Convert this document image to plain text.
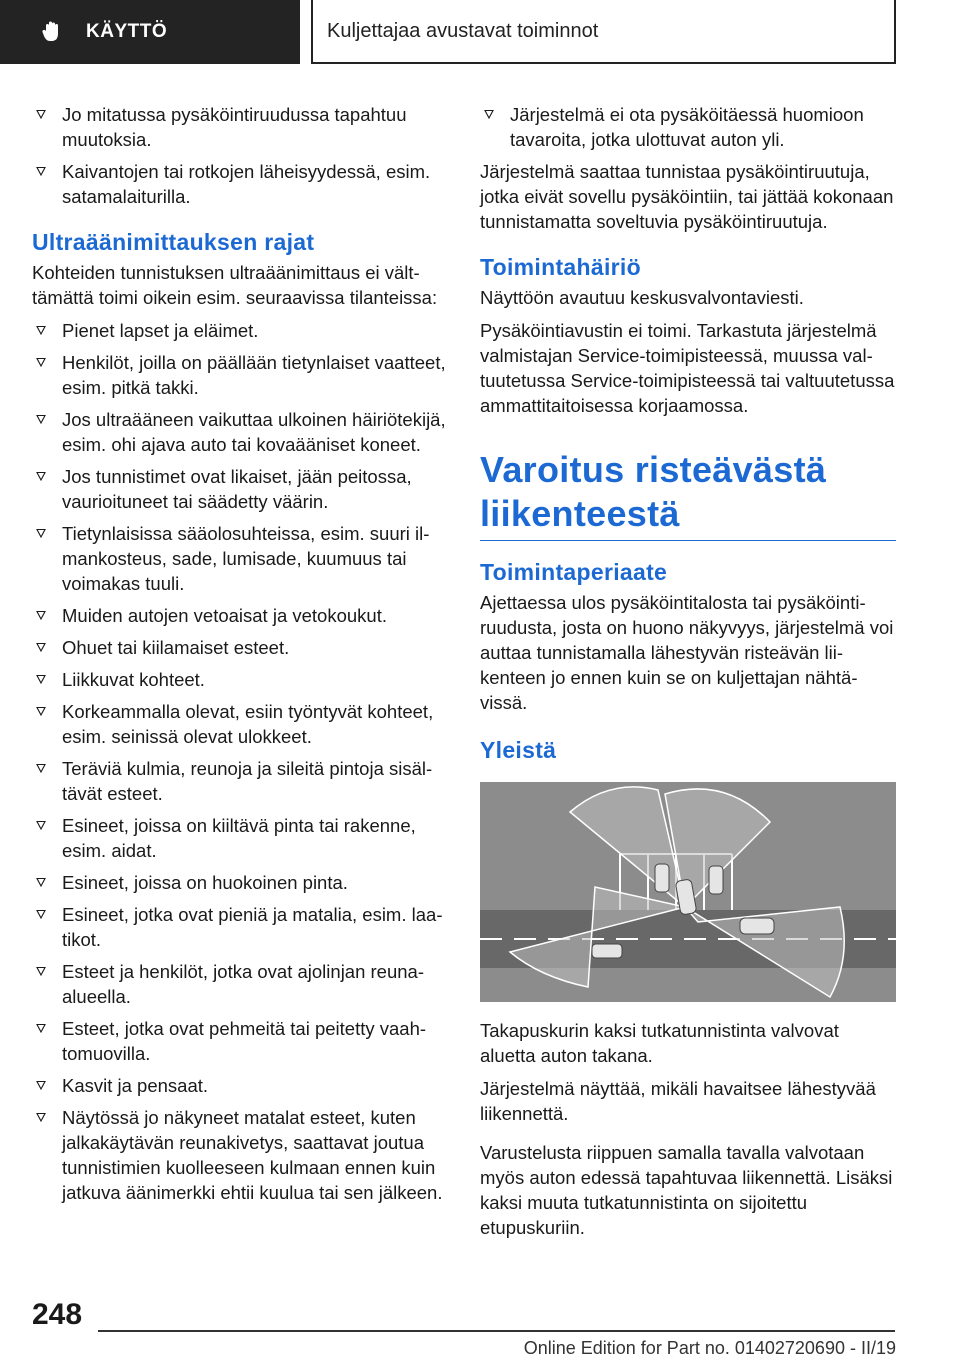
KÄYTTÖ	Kuljettajaa avustavat toiminnot
Jo mitatussa pysäköintiruudussa tapahtuu muutoksia.
Kaivantojen tai rotkojen läheisyydessä, esim. satamalaiturilla.
Ultraäänimittauksen rajat
Kohteiden tunnistuksen ultraäänimittaus ei välttämättä toimi oikein esim. seuraavissa tilanteissa:
Pienet lapset ja eläimet.
Henkilöt, joilla on päällään tietynlaiset vaatteet, esim. pitkä takki.
Jos ultraääneen vaikuttaa ulkoinen häiriötekijä, esim. ohi ajava auto tai kovaääniset koneet.
Jos tunnistimet ovat likaiset, jään peitossa, vaurioituneet tai säädetty väärin.
Tietynlaisissa sääolosuhteissa, esim. suuri ilmankosteus, sade, lumisade, kuumuus tai voimakas tuuli.
Muiden autojen vetoaisat ja vetokoukut.
Ohuet tai kiilamaiset esteet.
Liikkuvat kohteet.
Korkeammalla olevat, esiin työntyvät kohteet, esim. seinissä olevat ulokkeet.
Teräviä kulmia, reunoja ja sileitä pintoja sisältävät esteet.
Esineet, joissa on kiiltävä pinta tai rakenne, esim. aidat.
Esineet, joissa on huokoinen pinta.
Esineet, jotka ovat pieniä ja matalia, esim. laatikot.
Esteet ja henkilöt, jotka ovat ajolinjan reunaalueella.
Esteet, jotka ovat pehmeitä tai peitetty vaahtomuovilla.
Kasvit ja pensaat.
Näytössä jo näkyneet matalat esteet, kuten jalkakäytävän reunakivetys, saattavat joutua tunnistimien kuolleeseen kulmaan ennen kuin jatkuva äänimerkki ehtii kuulua tai sen jälkeen.
Järjestelmä ei ota pysäköitäessä huomioon tavaroita, jotka ulottuvat auton yli.
Järjestelmä saattaa tunnistaa pysäköintiruutuja, jotka eivät sovellu pysäköintiin, tai jättää kokonaan tunnistamatta soveltuvia pysäköintiruutuja.
Toimintahäiriö
Näyttöön avautuu keskusvalvontaviesti.
Pysäköintiavustin ei toimi. Tarkastuta järjestelmä valmistajan Service-toimipisteessä, muussa valtuutetussa Service-toimipisteessä tai valtuutetussa ammattitaitoisessa korjaamossa.
Varoitus risteävästä liikenteestä
Toimintaperiaate
Ajettaessa ulos pysäköintitalosta tai pysäköintiruudusta, josta on huono näkyvyys, järjestelmä voi auttaa tunnistamalla lähestyvän risteävän liikenteen jo ennen kuin se on kuljettajan nähtävissä.
Yleistä
Takapuskurin kaksi tutkatunnistinta valvovat aluetta auton takana.
Järjestelmä näyttää, mikäli havaitsee lähestyvää liikennettä.
Varustelusta riippuen samalla tavalla valvotaan myös auton edessä tapahtuvaa liikennettä. Lisäksi kaksi muuta tutkatunnistinta on sijoitettu etupuskuriin.
248
Online Edition for Part no. 01402720690 - II/19
